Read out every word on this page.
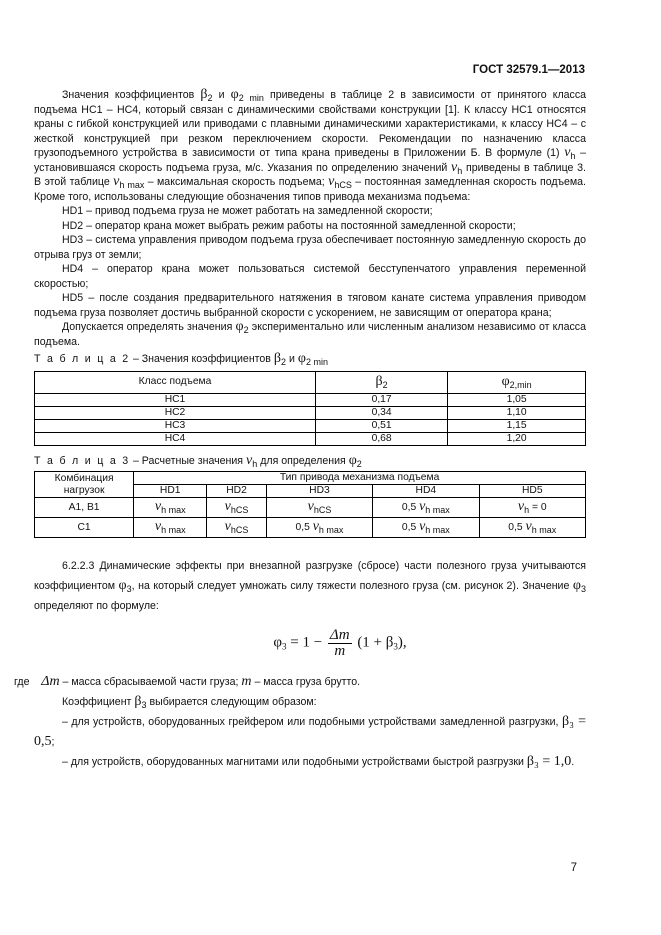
ГОСТ 32579.1—2013

Значения коэффициентов $\beta_2$ и $\varphi_{2 min}$ приведены в таблице 2 в зависимости от принятого класса подъема HC1 – HC4, который связан с динамическими свойствами конструкции [1]. К классу HC1 относятся краны с гибкой конструкцией или приводами с плавными динамическими характеристиками, к классу HC4 – с жесткой конструкцией при резком переключением скорости. Рекомендации по назначению класса грузоподъемного устройства в зависимости от типа крана приведены в Приложении Б. В формуле (1) $v_h$ – установившаяся скорость подъема груза, м/с. Указания по определению значений $v_h$ приведены в таблице 3. В этой таблице $v_{h max}$ – максимальная скорость подъема; $v_{hCS}$ – постоянная замедленная скорость подъема. Кроме того, использованы следующие обозначения типов привода механизма подъема:

HD1 – привод подъема груза не может работать на замедленной скорости;

HD2 – оператор крана может выбрать режим работы на постоянной замедленной скорости;

HD3 – система управления приводом подъема груза обеспечивает постоянную замедленную скорость до отрыва груз от земли;

HD4 – оператор крана может пользоваться системой бесступенчатого управления переменной скоростью;

HD5 – после создания предварительного натяжения в тяговом канате система управления приводом подъема груза позволяет достичь выбранной скорости с ускорением, не зависящим от оператора крана;

Допускается определять значения $\varphi_2$ экспериментально или численным анализом независимо от класса подъема.

Т а б л и ц а 2 – Значения коэффициентов $\beta_2$ и $\varphi_{2 min}$
Класс подъема	$\beta_2$	$\varphi_{2,min}$
HC1	0,17	1,05
HC2	0,34	1,10
HC3	0,51	1,15
HC4	0,68	1,20
Т а б л и ц а 3 – Расчетные значения $v_h$ для определения $\varphi_2$
Комбинация нагрузок	Тип привода механизма подъема				
	HD1	HD2	HD3	HD4	HD5
A1, B1	$v_{h max}$	$v_{hCS}$	$v_{hCS}$	0,5 $v_{h max}$	$v_h = 0$
C1	$v_{h max}$	$v_{hCS}$	0,5 $v_{h max}$	0,5 $v_{h max}$	0,5 $v_{h max}$

6.2.2.3 Динамические эффекты при внезапной разгрузке (сбросе) части полезного груза учитываются коэффициентом $\varphi_3$, на который следует умножать силу тяжести полезного груза (см. рисунок 2). Значение $\varphi_3$ определяют по формуле:

$\varphi_3 = 1 - \frac{\Delta m}{m} (1 + \beta_3)$,

где Δm – масса сбрасываемой части груза; m – масса груза брутто.

Коэффициент $\beta_3$ выбирается следующим образом:

– для устройств, оборудованных грейфером или подобными устройствами замедленной разгрузки, β₃ = 0,5;

– для устройств, оборудованных магнитами или подобными устройствами быстрой разгрузки β₃ = 1,0.

7
